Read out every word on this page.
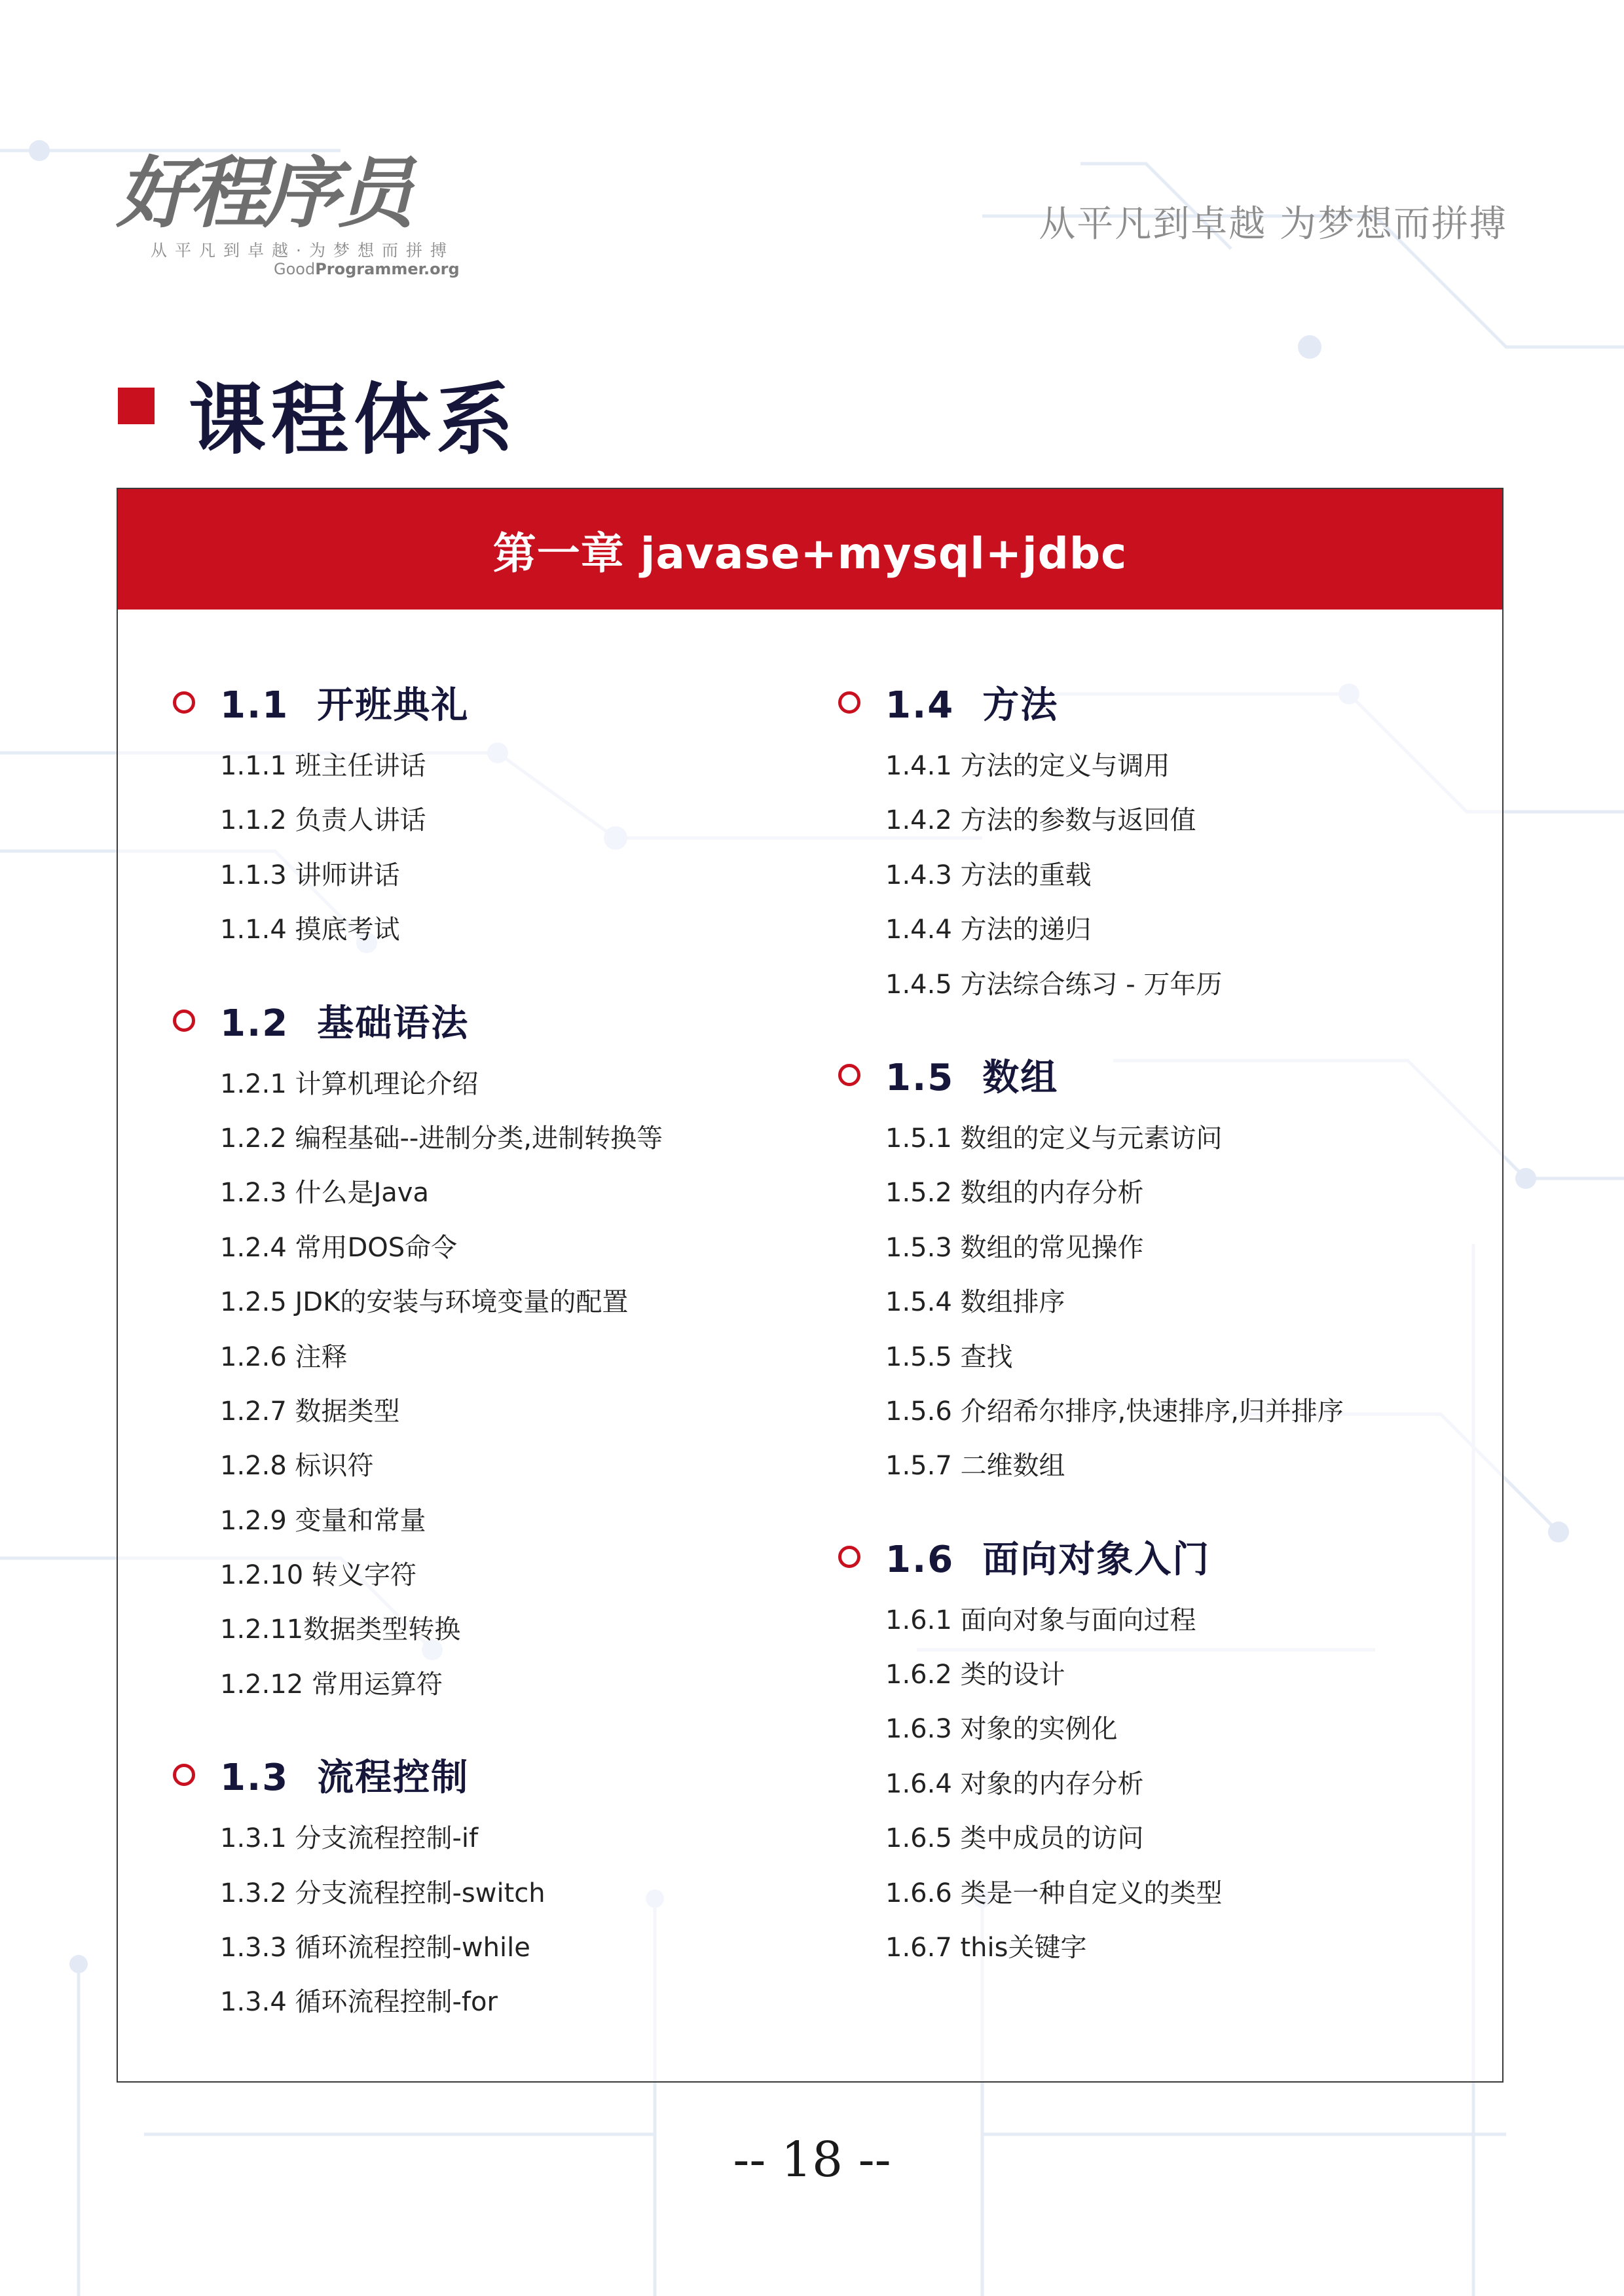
好程序员
从平凡到卓越·为梦想而拼搏
GoodProgrammer.org
从平凡到卓越 为梦想而拼搏
课程体系
第一章 javase+mysql+jdbc
1.1  开班典礼
1.1.1 班主任讲话
1.1.2 负责人讲话
1.1.3 讲师讲话
1.1.4 摸底考试
1.2  基础语法
1.2.1 计算机理论介绍
1.2.2 编程基础--进制分类,进制转换等
1.2.3 什么是Java
1.2.4 常用DOS命令
1.2.5 JDK的安装与环境变量的配置
1.2.6 注释
1.2.7 数据类型
1.2.8 标识符
1.2.9 变量和常量
1.2.10 转义字符
1.2.11数据类型转换
1.2.12 常用运算符
1.3  流程控制
1.3.1 分支流程控制-if
1.3.2 分支流程控制-switch
1.3.3 循环流程控制-while
1.3.4 循环流程控制-for
1.4  方法
1.4.1 方法的定义与调用
1.4.2 方法的参数与返回值
1.4.3 方法的重载
1.4.4 方法的递归
1.4.5 方法综合练习 - 万年历
1.5  数组
1.5.1 数组的定义与元素访问
1.5.2 数组的内存分析
1.5.3 数组的常见操作
1.5.4 数组排序
1.5.5 查找
1.5.6 介绍希尔排序,快速排序,归并排序
1.5.7 二维数组
1.6  面向对象入门
1.6.1 面向对象与面向过程
1.6.2 类的设计
1.6.3 对象的实例化
1.6.4 对象的内存分析
1.6.5 类中成员的访问
1.6.6 类是一种自定义的类型
1.6.7 this关键字
-- 18 --
